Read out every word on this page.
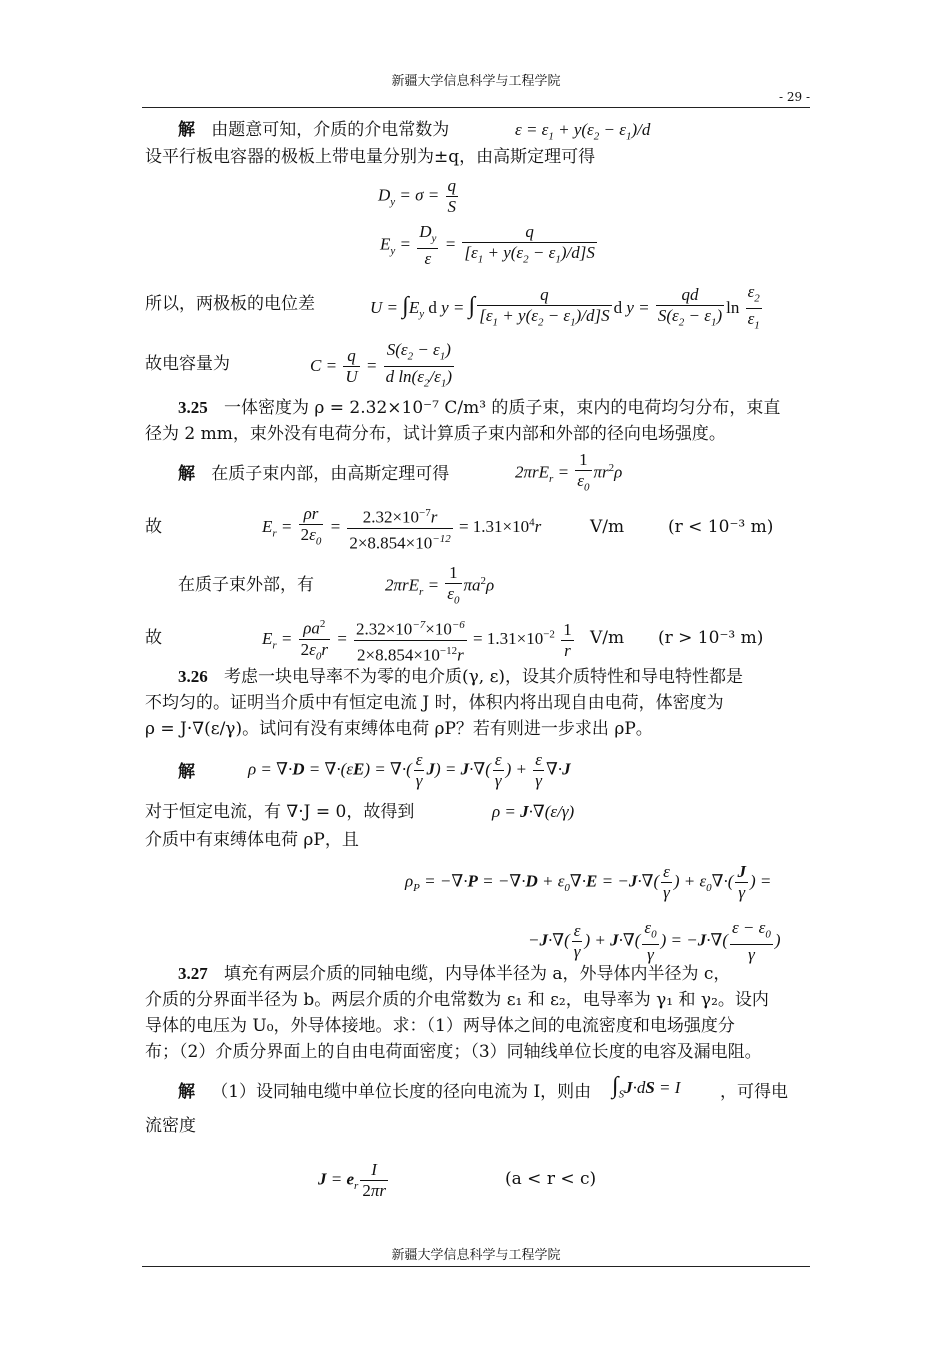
新疆大学信息科学与工程学院
- 29 -
解 由题意可知，介质的介电常数为	$\varepsilon = \varepsilon_1 + y(\varepsilon_2 - \varepsilon_1)/d$
设平行板电容器的极板上带电量分别为±q，由高斯定理可得
$D_y = \sigma = \frac{q}{S}$
$E_y = \frac{D_y}{\varepsilon} = \frac{q}{[\varepsilon_1 + y(\varepsilon_2 - \varepsilon_1)/d]S}$
所以，两极板的电位差	$U = \int E_y$ d y = ∫ $\frac{q}{[\varepsilon_1 + y(\varepsilon_2 - \varepsilon_1)/d]S}$ d $y = \frac{qd}{S(\varepsilon_2 - \varepsilon_1)}$ $\ln \frac{\varepsilon_2}{\varepsilon_1}$
故电容量为	$C = \frac{q}{U} = \frac{S(\varepsilon_2 - \varepsilon_1)}{d \ln(\varepsilon_2/\varepsilon_1)}$
3.25 一体密度为 ρ = 2.32×10⁻⁷ C/m³ 的质子束，束内的电荷均匀分布，束直
径为 2 mm，束外没有电荷分布，试计算质子束内部和外部的径向电场强度。
解 在质子束内部，由高斯定理可得	$2\pi rE_r = \frac{1}{\varepsilon_0} \pi r^2\rho$
故	$E_r = \frac{\rho r}{2\varepsilon_0} = \frac{2.32\times 10^{-7}r}{2\times 8.854\times 10^{-12}} = 1.31\times 10^4r$	V/m	(r < 10⁻³ m)
在质子束外部，有	$2\pi rE_r = \frac{1}{\varepsilon_0} \pi a^2\rho$
故	$E_r = \frac{\rho a^2}{2\varepsilon_0r} = \frac{2.32\times 10^{-7}\times 10^{-6}}{2\times 8.854\times 10^{-12}r} = 1.31\times 10^{-2} \frac{1}{r} V/m$ (r > 10⁻³ m)
3.26 考虑一块电导率不为零的电介质(γ, ε)，设其介质特性和导电特性都是
不均匀的。证明当介质中有恒定电流 J 时，体积内将出现自由电荷，体密度为
ρ = J·∇(ε/γ)。试问有没有束缚体电荷 ρP？若有则进一步求出 ρP。
解	ρ = ∇·D = ∇·(εE) = ∇·( $\frac{\varepsilon}{\gamma} J) = J\cdot\nabla( \frac{\varepsilon}{\gamma}$ ) + $\frac{\varepsilon}{\gamma} \nabla\cdot J$
对于恒定电流，有 ∇·J = 0，故得到	ρ = J·∇(ε/γ)
介质中有束缚体电荷 ρP，且
$\rho_P = -\nabla\cdot P = -\nabla\cdot D + \varepsilon_0\nabla\cdot E = -J\cdot\nabla( \frac{\varepsilon}{\gamma}$ ) + $\varepsilon_0\nabla\cdot( \frac{J}{\gamma}$ ) =
$-J\cdot\nabla( \frac{\varepsilon}{\gamma}$ ) + $J\cdot\nabla( \frac{\varepsilon_0}{\gamma}$ ) = $-J\cdot\nabla( \frac{\varepsilon - \varepsilon_0}{\gamma}$ )
3.27 填充有两层介质的同轴电缆，内导体半径为 a，外导体内半径为 c，
介质的分界面半径为 b。两层介质的介电常数为 ε₁ 和 ε₂，电导率为 γ₁ 和 γ₂。设内
导体的电压为 U₀，外导体接地。求：（1）两导体之间的电流密度和电场强度分
布；（2）介质分界面上的自由电荷面密度；（3）同轴线单位长度的电容及漏电阻。
解 （1）设同轴电缆中单位长度的径向电流为 I，则由 $\int_SJ\cdot dS = I$ ，可得电
流密度
$J = e_r \frac{I}{2\pi r}$	(a < r < c)
新疆大学信息科学与工程学院
